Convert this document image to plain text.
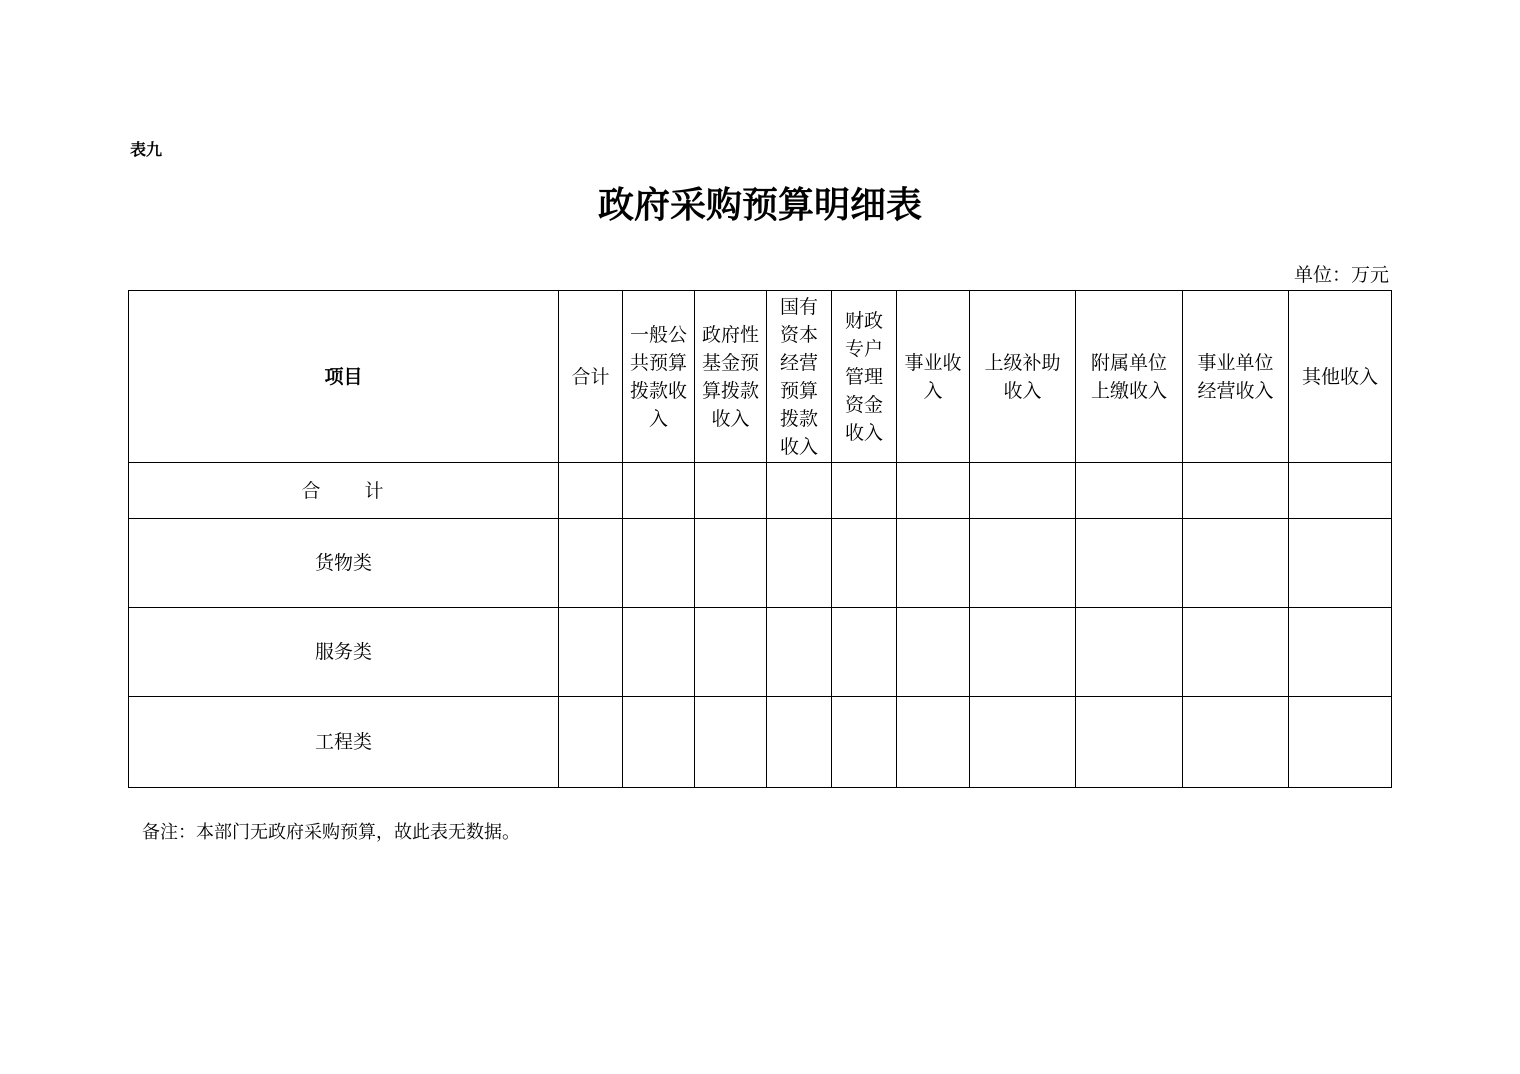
表九
政府采购预算明细表
单位：万元
项目	合计	一般公共预算拨款收入	政府性基金预算拨款收入	国有资本经营预算拨款收入	财政专户管理资金收入	事业收入	上级补助收入	附属单位上缴收入	事业单位经营收入	其他收入

合　　计										
货物类										
服务类										
工程类										
备注：本部门无政府采购预算，故此表无数据。
